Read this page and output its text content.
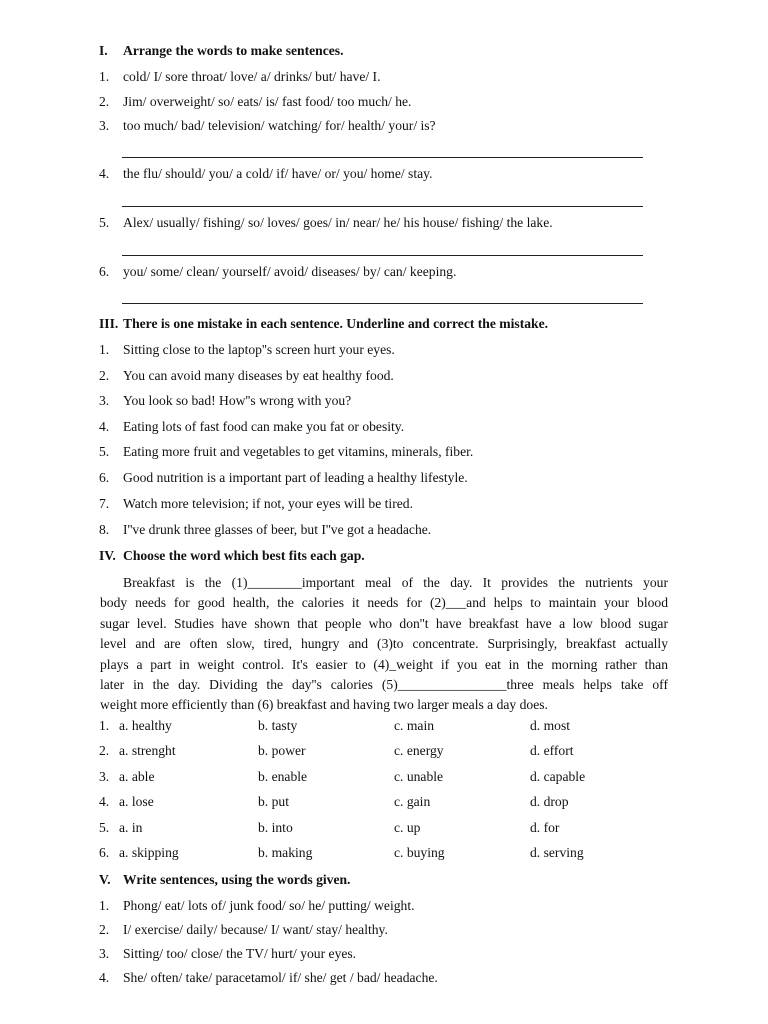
I. Arrange the words to make sentences.
1. cold/ I/ sore throat/ love/ a/ drinks/ but/ have/ I.
2. Jim/ overweight/ so/ eats/ is/ fast food/ too much/ he.
3. too much/ bad/ television/ watching/ for/ health/ your/ is?
4. the flu/ should/ you/ a cold/ if/ have/ or/ you/ home/ stay.
5. Alex/ usually/ fishing/ so/ loves/ goes/ in/ near/ he/ his house/ fishing/ the lake.
6. you/ some/ clean/ yourself/ avoid/ diseases/ by/ can/ keeping.
III. There is one mistake in each sentence. Underline and correct the mistake.
1. Sitting close to the laptop''s screen hurt your eyes.
2. You can avoid many diseases by eat healthy food.
3. You look so bad! How''s wrong with you?
4. Eating lots of fast food can make you fat or obesity.
5. Eating more fruit and vegetables to get vitamins, minerals, fiber.
6. Good nutrition is a important part of leading a healthy lifestyle.
7. Watch more television; if not, your eyes will be tired.
8. I''ve drunk three glasses of beer, but I''ve got a headache.
IV. Choose the word which best fits each gap.
Breakfast is the (1)________important meal of the day. It provides the nutrients your
body needs for good health, the calories it needs for (2)___and helps to maintain your blood
sugar level. Studies have shown that people who don''t have breakfast have a low blood sugar
level and are often slow, tired, hungry and (3)to concentrate. Surprisingly, breakfast actually
plays a part in weight control. It's easier to (4)_weight if you eat in the morning rather than
later in the day. Dividing the day''s calories (5)________________three meals helps take off
weight more efficiently than (6) breakfast and having two larger meals a day does.
1. a. healthy	b. tasty	c. main	d. most
2. a. strenght	b. power	c. energy	d. effort
3. a. able	b. enable	c. unable	d. capable
4. a. lose	b. put	c. gain	d. drop
5. a. in	b. into	c. up	d. for
6. a. skipping	b. making	c. buying	d. serving
V. Write sentences, using the words given.
1. Phong/ eat/ lots of/ junk food/ so/ he/ putting/ weight.
2. I/ exercise/ daily/ because/ I/ want/ stay/ healthy.
3. Sitting/ too/ close/ the TV/ hurt/ your eyes.
4. She/ often/ take/ paracetamol/ if/ she/ get / bad/ headache.
